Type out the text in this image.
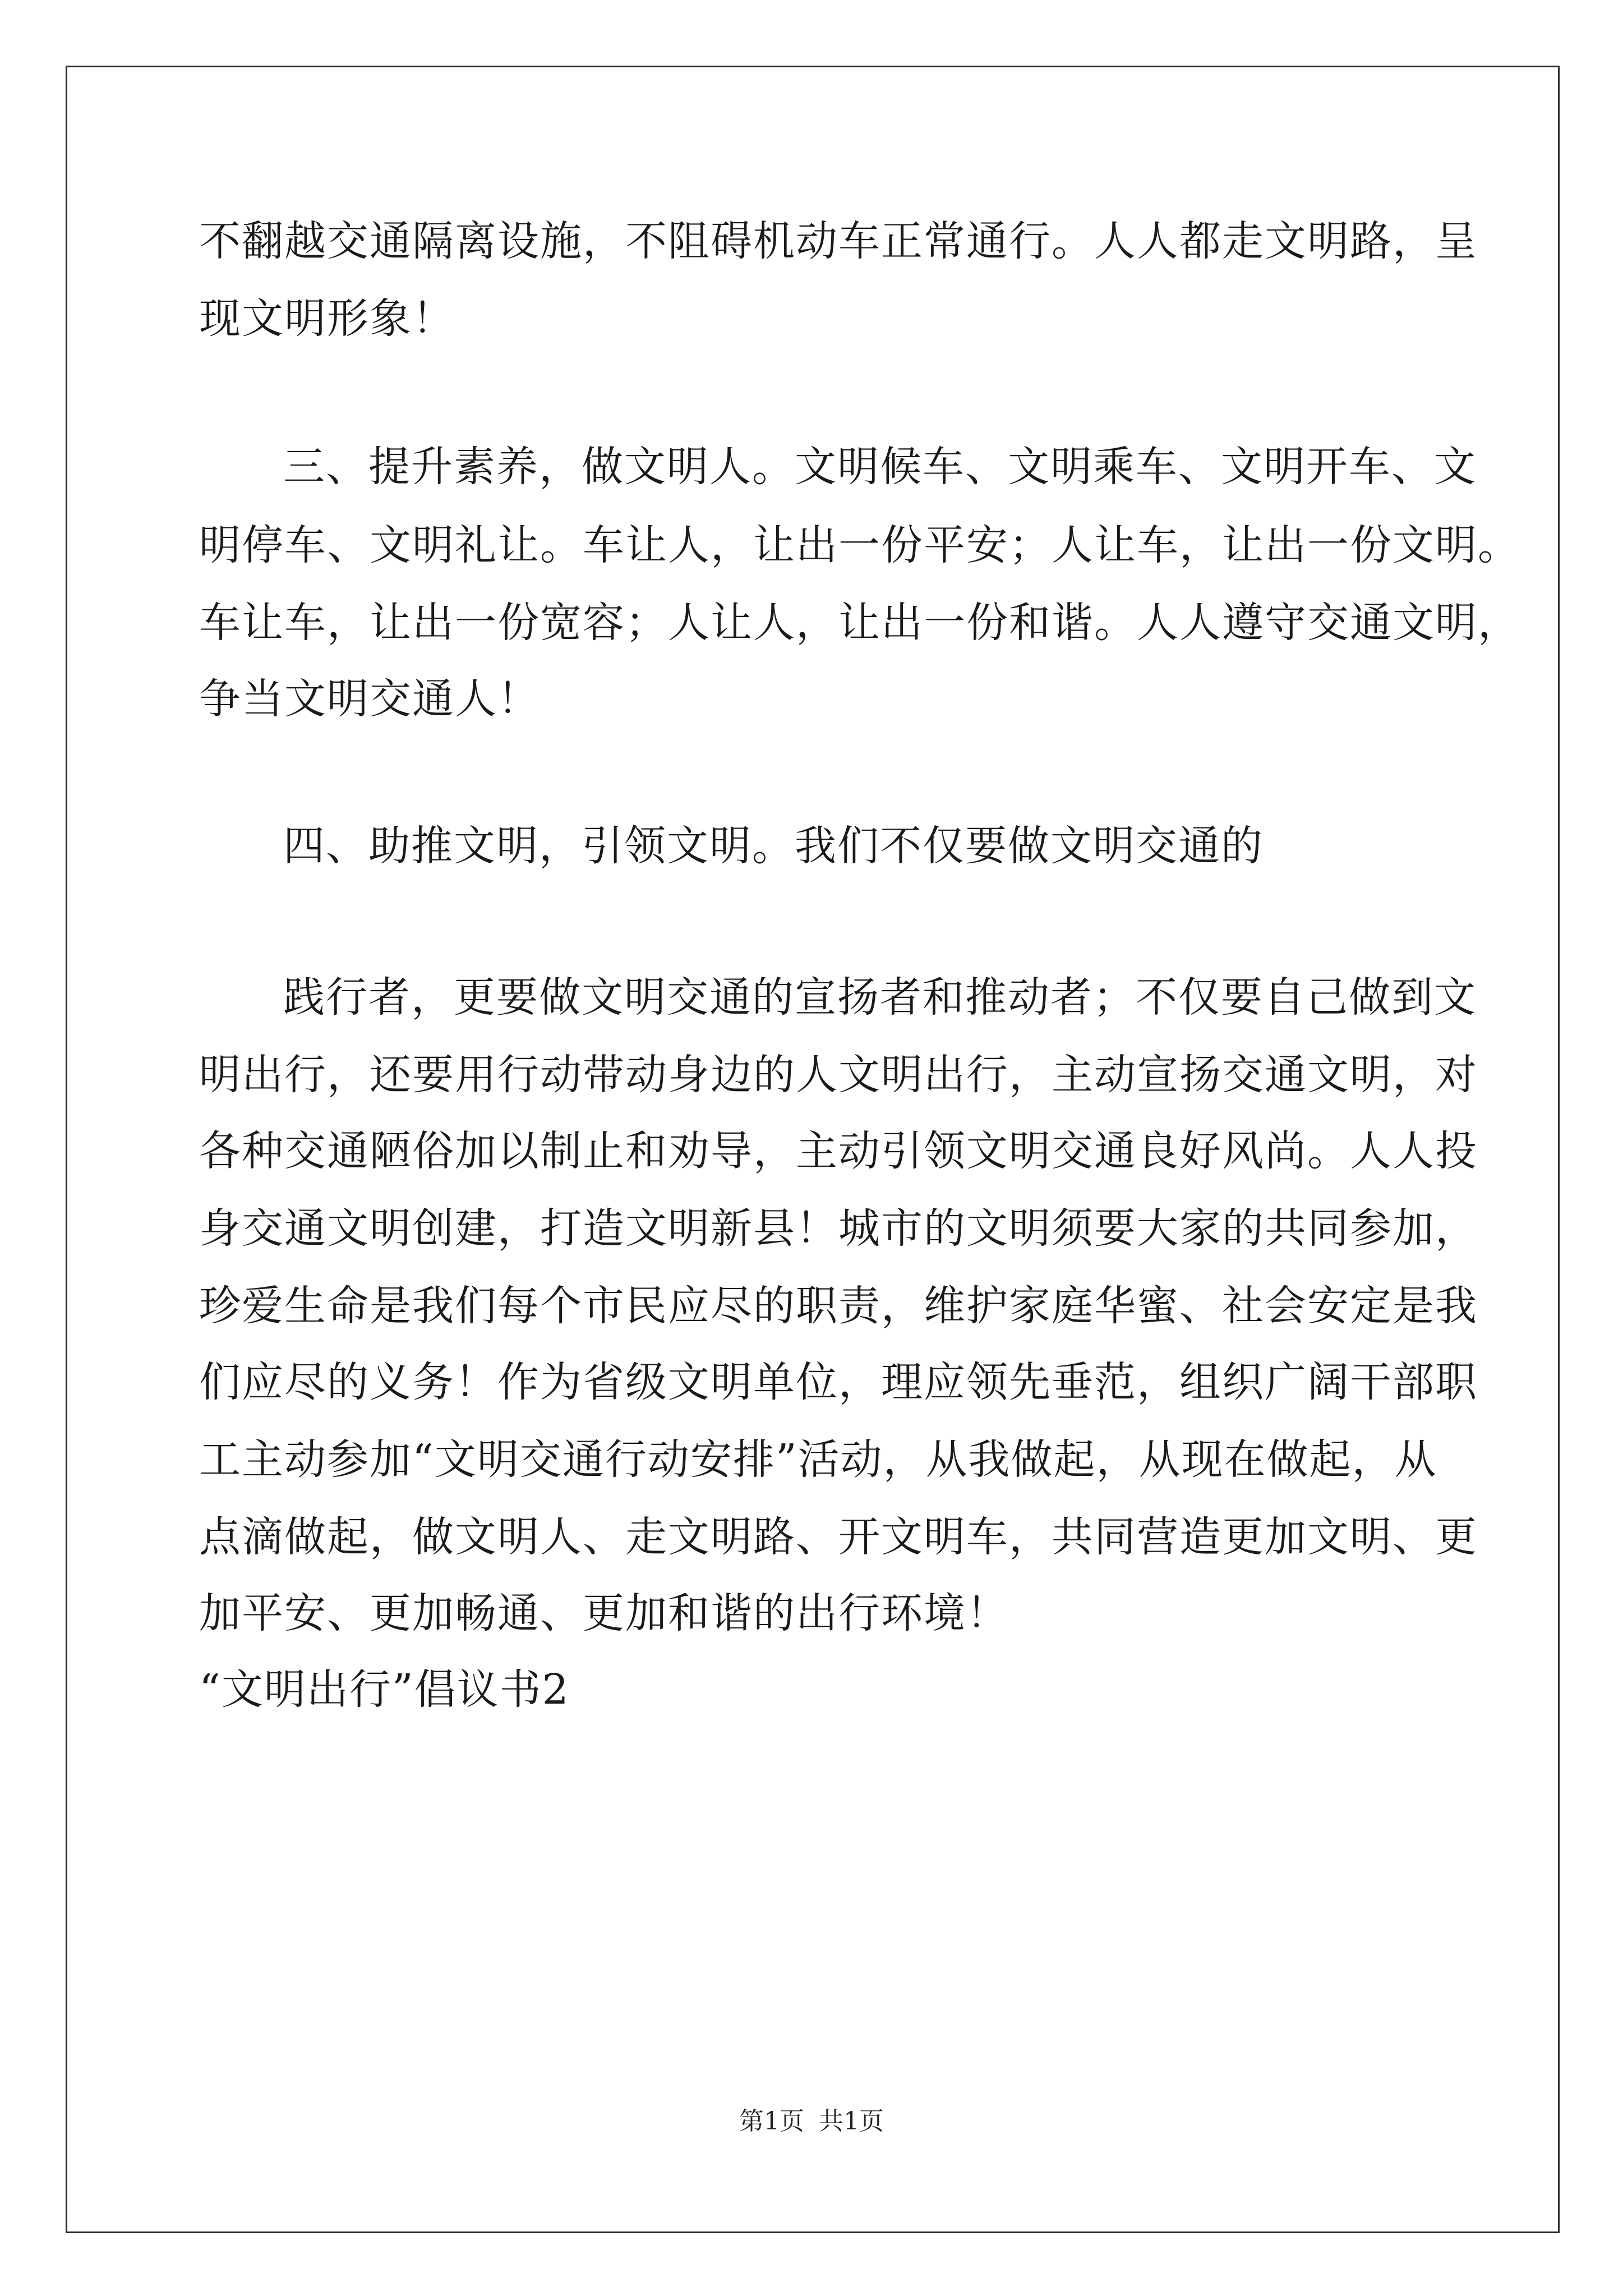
不翻越交通隔离设施，不阻碍机动车正常通行。人人都走文明路，呈
现文明形象！
三、提升素养，做文明人。文明候车、文明乘车、文明开车、文
明停车、文明礼让。车让人，让出一份平安；人让车，让出一份文明。
车让车，让出一份宽容；人让人，让出一份和谐。人人遵守交通文明，
争当文明交通人！
四、助推文明，引领文明。我们不仅要做文明交通的
践行者，更要做文明交通的宣扬者和推动者；不仅要自己做到文
明出行，还要用行动带动身边的人文明出行，主动宣扬交通文明，对
各种交通陋俗加以制止和劝导，主动引领文明交通良好风尚。人人投
身交通文明创建，打造文明新县！城市的文明须要大家的共同参加，
珍爱生命是我们每个市民应尽的职责，维护家庭华蜜、社会安定是我
们应尽的义务！作为省级文明单位，理应领先垂范，组织广阔干部职
工主动参加“文明交通行动安排”活动，从我做起，从现在做起，从
点滴做起，做文明人、走文明路、开文明车，共同营造更加文明、更
加平安、更加畅通、更加和谐的出行环境！
“文明出行”倡议书2
第1页 共1页
